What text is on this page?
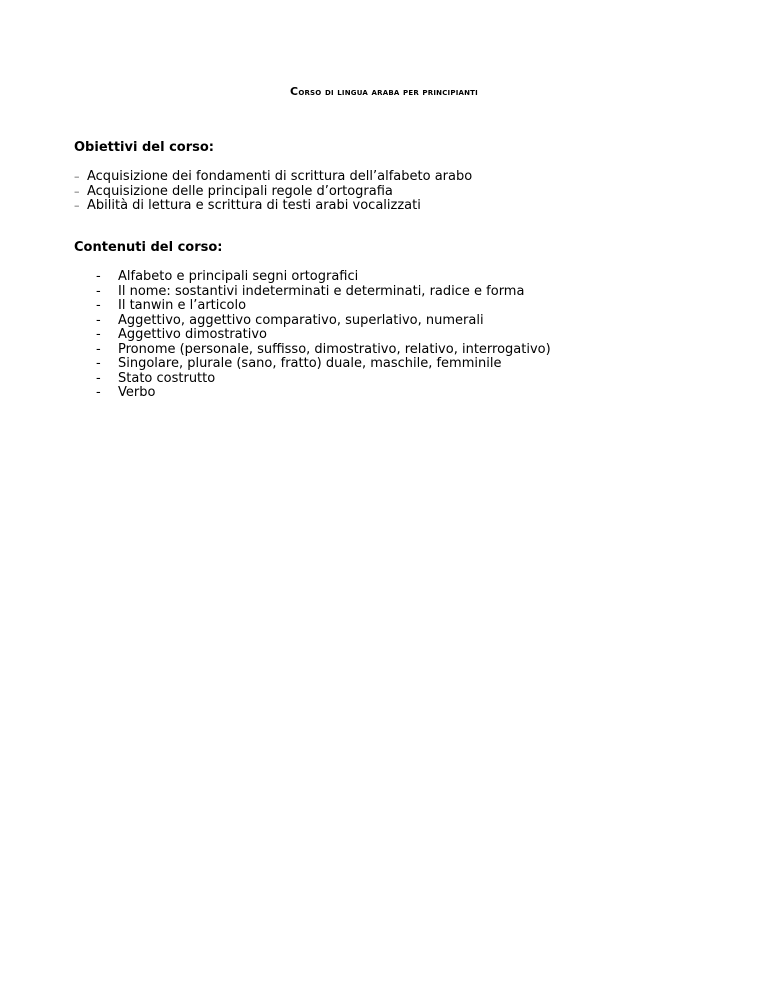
Corso di lingua araba per principianti
Obiettivi del corso:
– Acquisizione dei fondamenti di scrittura dell’alfabeto arabo
– Acquisizione delle principali regole d’ortografia
– Abilità di lettura e scrittura di testi arabi vocalizzati
Contenuti del corso:
-	Alfabeto e principali segni ortografici
-	Il nome: sostantivi indeterminati e determinati, radice e forma
-	Il tanwin e l’articolo
-	Aggettivo, aggettivo comparativo, superlativo, numerali
-	Aggettivo dimostrativo
-	Pronome (personale, suffisso, dimostrativo, relativo, interrogativo)
-	Singolare, plurale (sano, fratto) duale, maschile, femminile
-	Stato costrutto
-	Verbo
